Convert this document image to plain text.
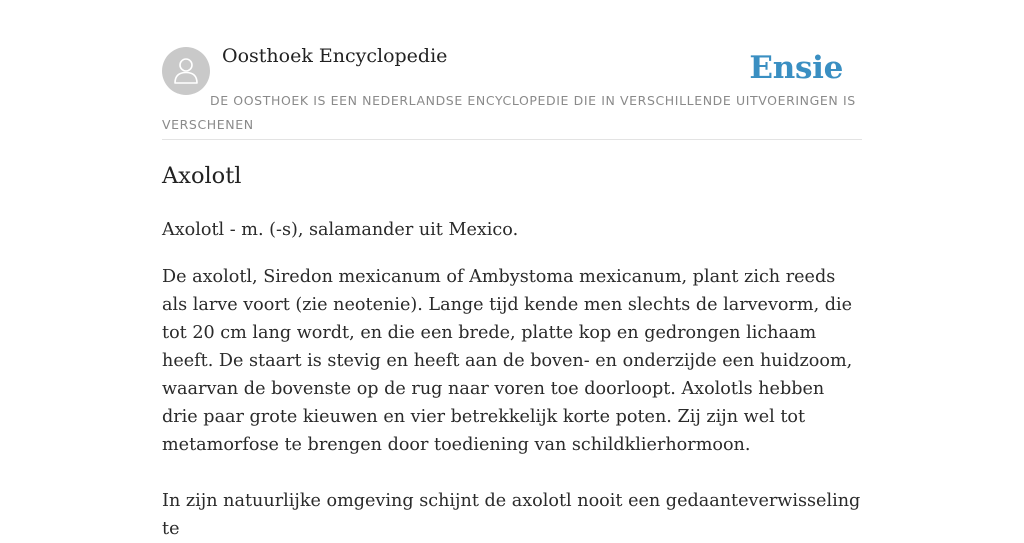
Oosthoek Encyclopedie	Ensie
DE OOSTHOEK IS EEN NEDERLANDSE ENCYCLOPEDIE DIE IN VERSCHILLENDE UITVOERINGEN IS VERSCHENEN
Axolotl

Axolotl - m. (-s), salamander uit Mexico.

De axolotl, Siredon mexicanum of Ambystoma mexicanum, plant zich reeds als larve voort (zie neotenie). Lange tijd kende men slechts de larvevorm, die tot 20 cm lang wordt, en die een brede, platte kop en gedrongen lichaam heeft. De staart is stevig en heeft aan de boven- en onderzijde een huidzoom, waarvan de bovenste op de rug naar voren toe doorloopt. Axolotls hebben drie paar grote kieuwen en vier betrekkelijk korte poten. Zij zijn wel tot metamorfose te brengen door toediening van schildklierhormoon.

In zijn natuurlijke omgeving schijnt de axolotl nooit een gedaanteverwisseling te
